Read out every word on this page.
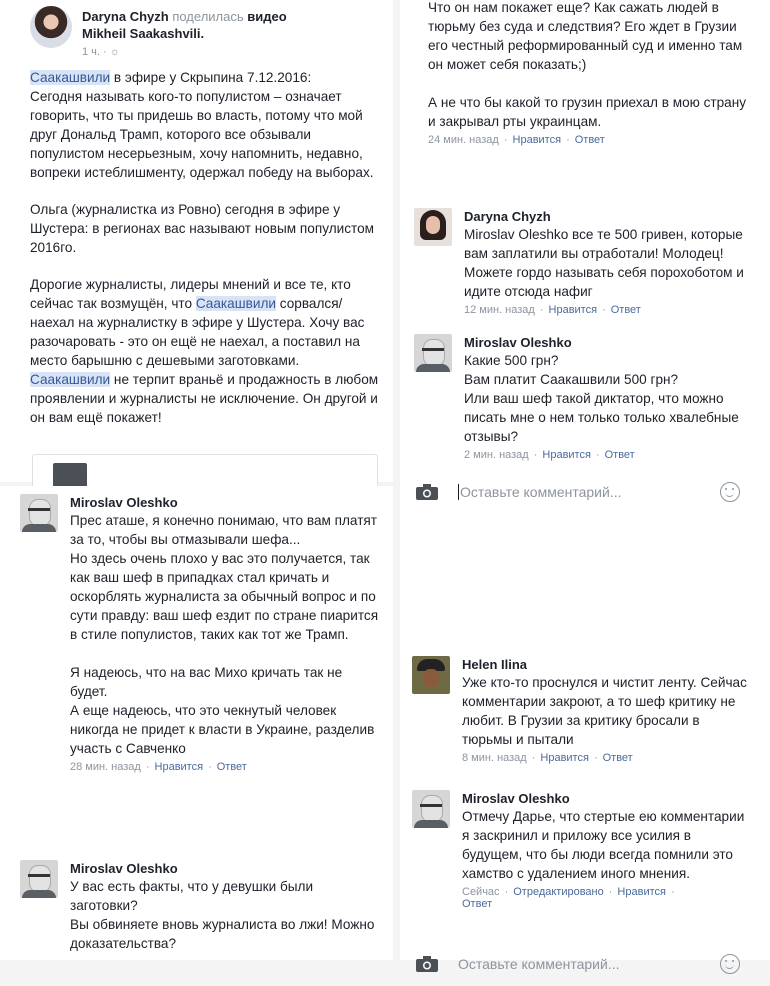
Daryna Chyzh поделилась видео
Mikheil Saakashvili.
1 ч. · ☼

Саакашвили в эфире у Скрыпина 7.12.2016:
Сегодня называть кого-то популистом – означает говорить, что ты придешь во власть, потому что мой друг Дональд Трамп, которого все обзывали популистом несерьезным, хочу напомнить, недавно, вопреки истеблишменту, одержал победу на выборах.

Ольга (журналистка из Ровно) сегодня в эфире у Шустера: в регионах вас называют новым популистом 2016го.

Дорогие журналисты, лидеры мнений и все те, кто сейчас так возмущён, что Саакашвили сорвался/наехал на журналистку в эфире у Шустера. Хочу вас разочаровать - это он ещё не наехал, а поставил на место барышню с дешевыми заготовками.
Саакашвили не терпит враньё и продажность в любом проявлении и журналисты не исключение. Он другой и он вам ещё покажет!

Что он нам покажет еще? Как сажать людей в тюрьму без суда и следствия? Его ждет в Грузии его честный реформированный суд и именно там он может себя показать;)

А не что бы какой то грузин приехал в мою страну и закрывал рты украинцам.
24 мин. назад · Нравится · Ответ
Daryna Chyzh
Miroslav Oleshko все те 500 гривен, которые вам заплатили вы отработали! Молодец! Можете гордо называть себя порохоботом и идите отсюда нафиг
12 мин. назад · Нравится · Ответ
Miroslav Oleshko
Какие 500 грн?
Вам платит Саакашвили 500 грн?
Или ваш шеф такой диктатор, что можно писать мне о нем только только хвалебные отзывы?
2 мин. назад · Нравится · Ответ
Оставьте комментарий...
Miroslav Oleshko
Прес аташе, я конечно понимаю, что вам платят за то, чтобы вы отмазывали шефа...
Но здесь очень плохо у вас это получается, так как ваш шеф в припадках стал кричать и оскорблять журналиста за обычный вопрос и по сути правду: ваш шеф ездит по стране пиарится в стиле популистов, таких как тот же Трамп.

Я надеюсь, что на вас Михо кричать так не будет.
А еще надеюсь, что это чекнутый человек никогда не придет к власти в Украине, разделив участь с Савченко
28 мин. назад · Нравится · Ответ
Miroslav Oleshko
У вас есть факты, что у девушки были заготовки?
Вы обвиняете вновь журналиста во лжи! Можно доказательства?
Helen Ilina
Уже кто-то проснулся и чистит ленту. Сейчас комментарии закроют, а то шеф критику не любит. В Грузии за критику бросали в тюрьмы и пытали
8 мин. назад · Нравится · Ответ
Miroslav Oleshko
Отмечу Дарье, что стертые ею комментарии я заскринил и приложу все усилия в будущем, что бы люди всегда помнили это хамство с удалением иного мнения.
Сейчас · Отредактировано · Нравится ·
Ответ
Оставьте комментарий...
